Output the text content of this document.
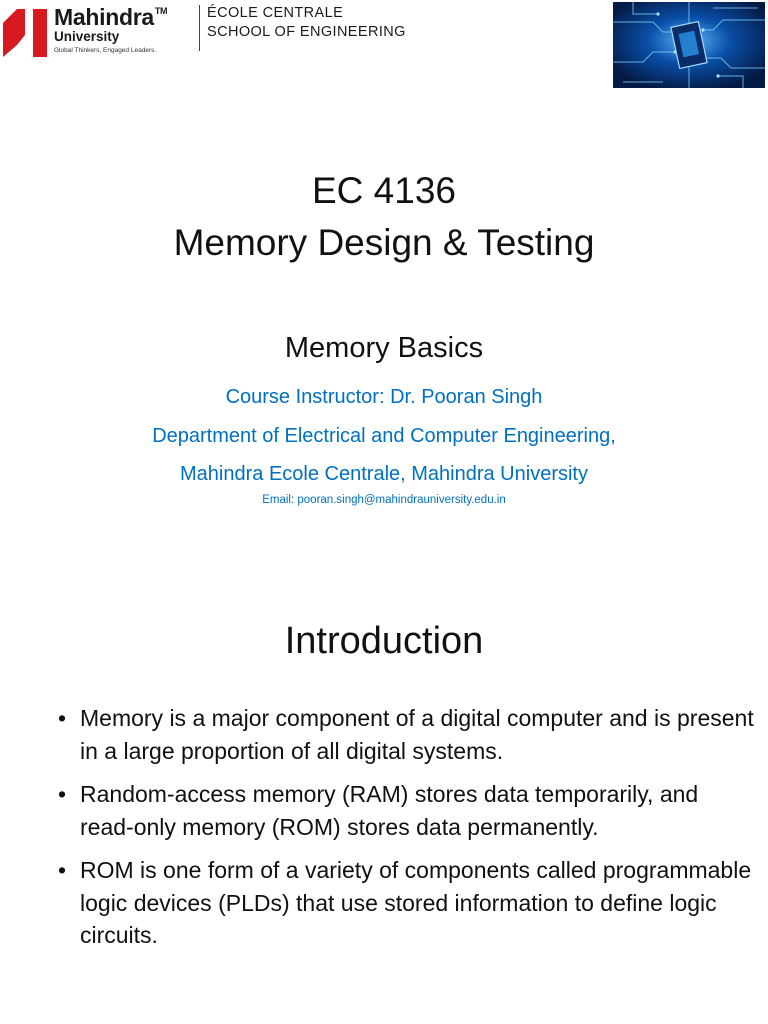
Mahindra™
University
Global Thinkers, Engaged Leaders.
ÉCOLE CENTRALE
SCHOOL OF ENGINEERING
EC 4136
Memory Design & Testing
Memory Basics
Course Instructor: Dr. Pooran Singh
Department of Electrical and Computer Engineering,
Mahindra Ecole Centrale, Mahindra University
Email: pooran.singh@mahindrauniversity.edu.in
Introduction
• Memory is a major component of a digital computer and is present in a large proportion of all digital systems.
• Random-access memory (RAM) stores data temporarily, and read-only memory (ROM) stores data permanently.
• ROM is one form of a variety of components called programmable logic devices (PLDs) that use stored information to define logic circuits.
